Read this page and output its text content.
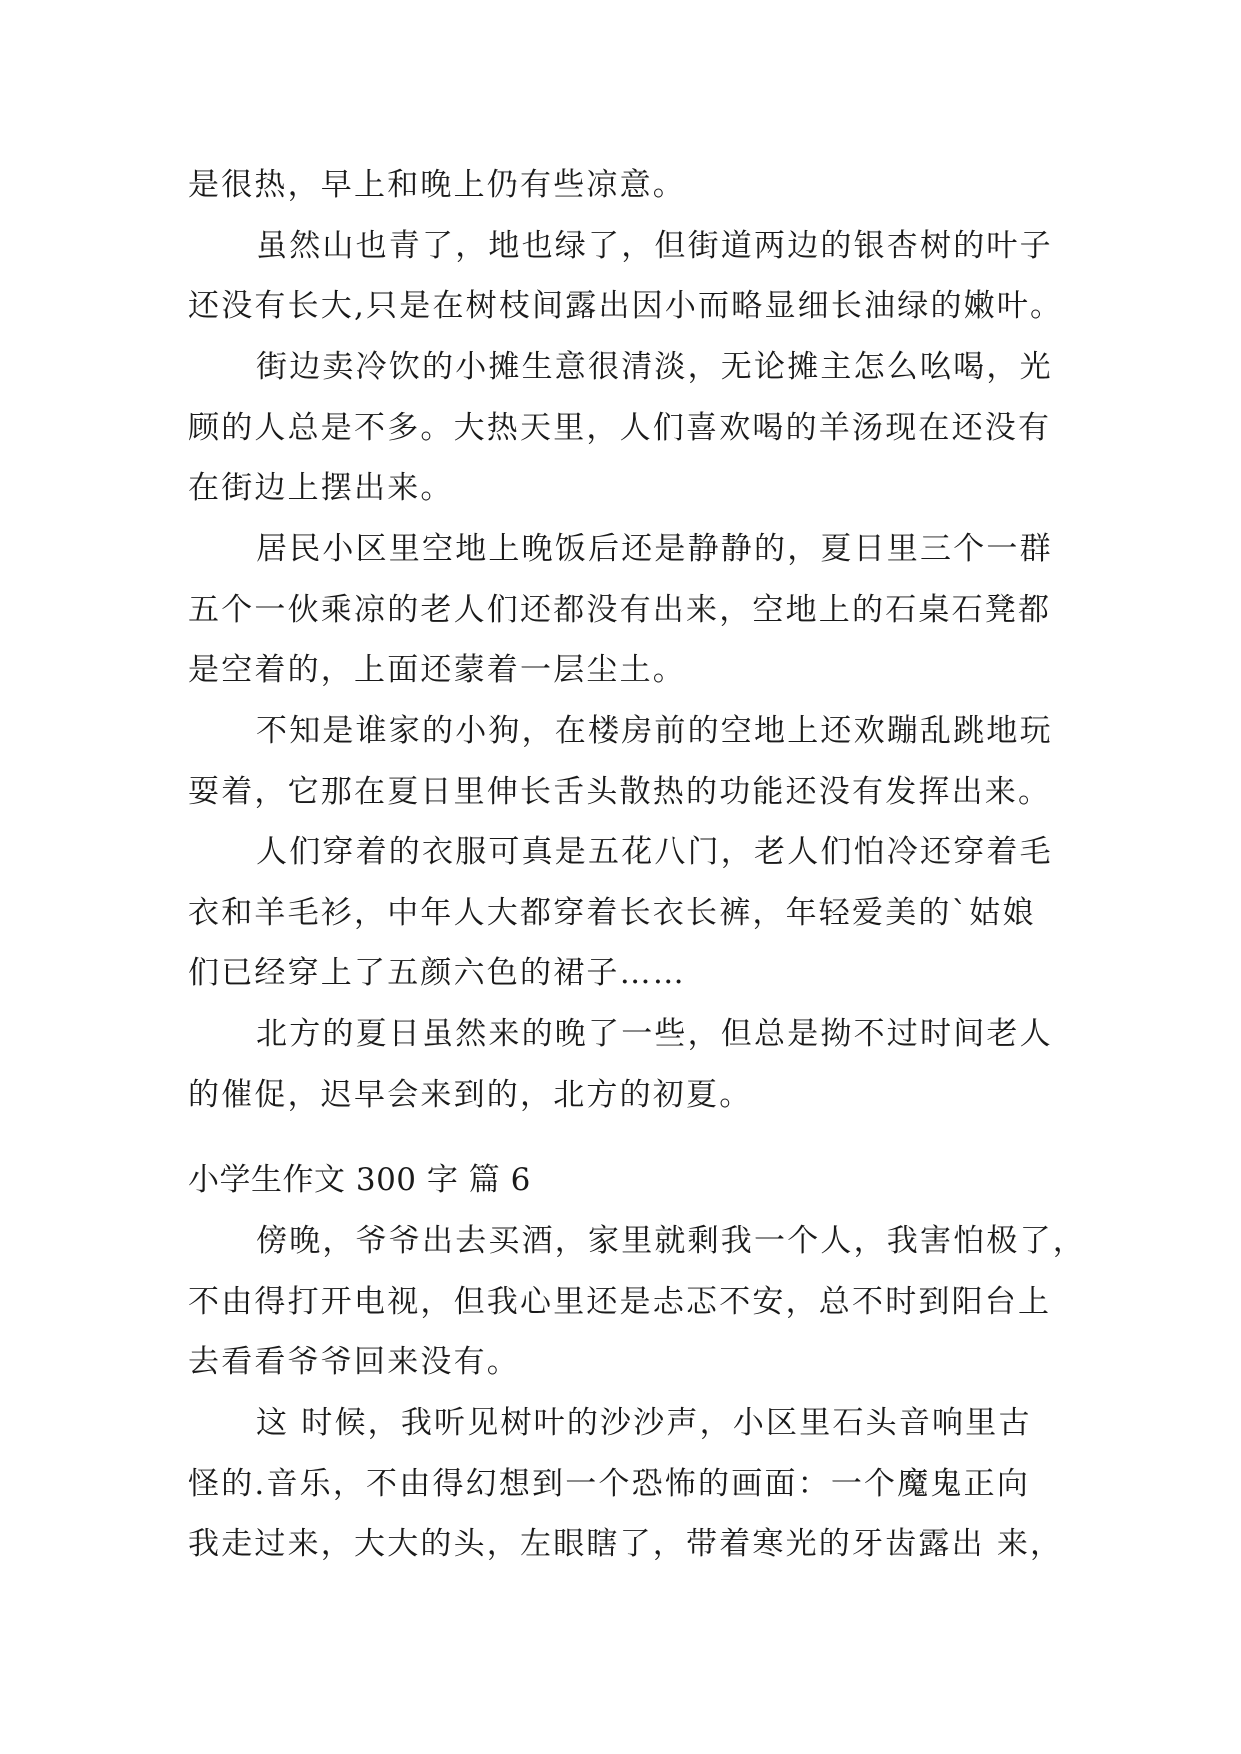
是很热，早上和晚上仍有些凉意。
虽然山也青了，地也绿了，但街道两边的银杏树的叶子
还没有长大,只是在树枝间露出因小而略显细长油绿的嫩叶。
街边卖冷饮的小摊生意很清淡，无论摊主怎么吆喝，光
顾的人总是不多。大热天里，人们喜欢喝的羊汤现在还没有
在街边上摆出来。
居民小区里空地上晚饭后还是静静的，夏日里三个一群
五个一伙乘凉的老人们还都没有出来，空地上的石桌石凳都
是空着的，上面还蒙着一层尘土。
不知是谁家的小狗，在楼房前的空地上还欢蹦乱跳地玩
耍着，它那在夏日里伸长舌头散热的功能还没有发挥出来。
人们穿着的衣服可真是五花八门，老人们怕冷还穿着毛
衣和羊毛衫，中年人大都穿着长衣长裤，年轻爱美的`姑娘
们已经穿上了五颜六色的裙子……
北方的夏日虽然来的晚了一些，但总是拗不过时间老人
的催促，迟早会来到的，北方的初夏。
小学生作文 300 字 篇 6
傍晚，爷爷出去买酒，家里就剩我一个人，我害怕极了，
不由得打开电视，但我心里还是忐忑不安，总不时到阳台上
去看看爷爷回来没有。
这 时候，我听见树叶的沙沙声，小区里石头音响里古
怪的.音乐，不由得幻想到一个恐怖的画面：一个魔鬼正向
我走过来，大大的头，左眼瞎了，带着寒光的牙齿露出 来，
